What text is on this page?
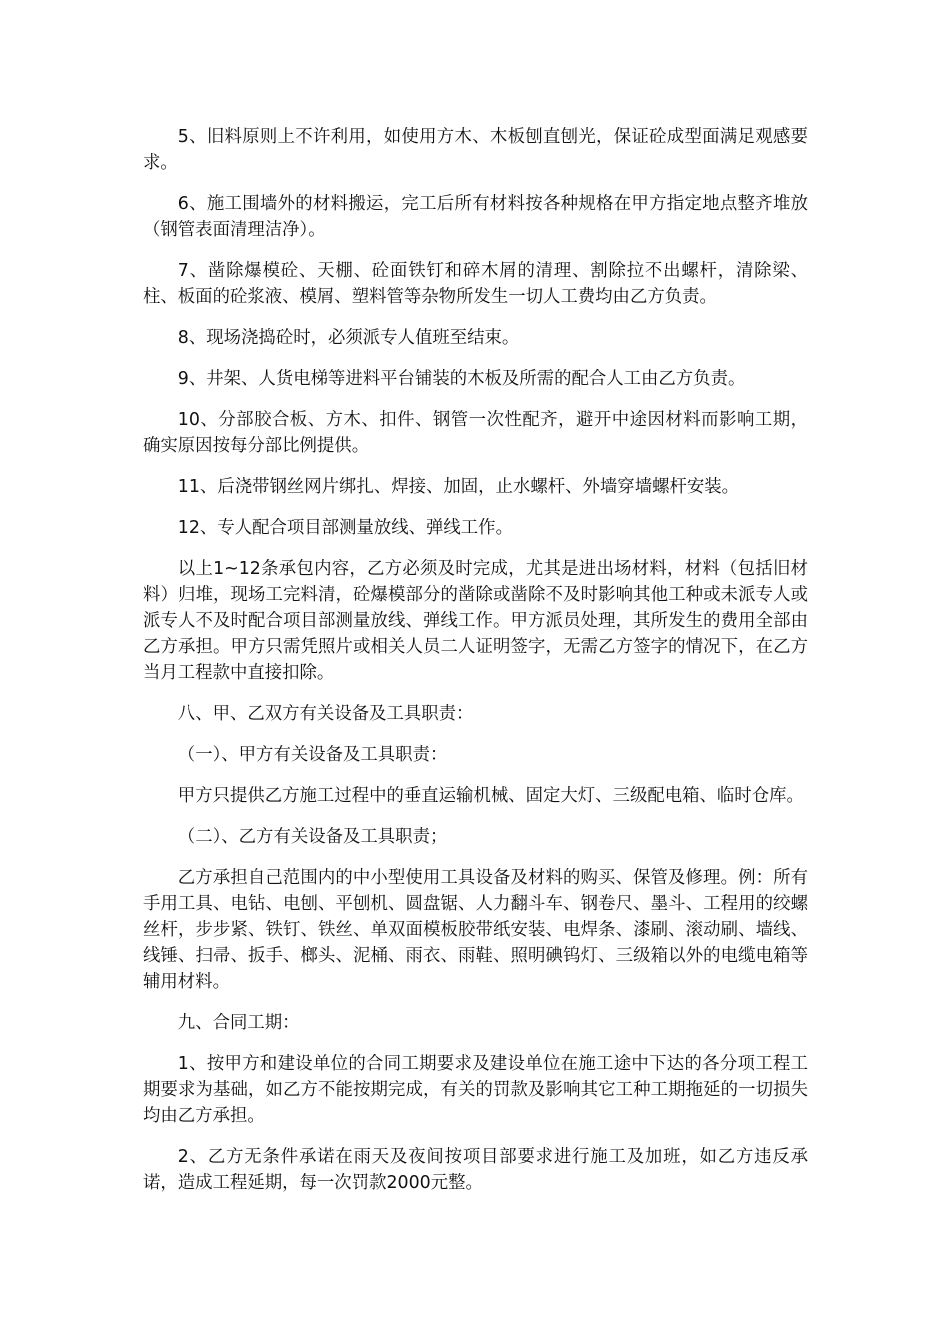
5、旧料原则上不许利用，如使用方木、木板刨直刨光，保证砼成型面满足观感要求。

6、施工围墙外的材料搬运，完工后所有材料按各种规格在甲方指定地点整齐堆放（钢管表面清理洁净）。

7、凿除爆模砼、天棚、砼面铁钉和碎木屑的清理、割除拉不出螺杆，清除梁、柱、板面的砼浆液、模屑、塑料管等杂物所发生一切人工费均由乙方负责。

8、现场浇捣砼时，必须派专人值班至结束。

9、井架、人货电梯等进料平台铺装的木板及所需的配合人工由乙方负责。

10、分部胶合板、方木、扣件、钢管一次性配齐，避开中途因材料而影响工期，确实原因按每分部比例提供。

11、后浇带钢丝网片绑扎、焊接、加固，止水螺杆、外墙穿墙螺杆安装。

12、专人配合项目部测量放线、弹线工作。

以上1~12条承包内容，乙方必须及时完成，尤其是进出场材料，材料（包括旧材料）归堆，现场工完料清，砼爆模部分的凿除或凿除不及时影响其他工种或未派专人或派专人不及时配合项目部测量放线、弹线工作。甲方派员处理，其所发生的费用全部由乙方承担。甲方只需凭照片或相关人员二人证明签字，无需乙方签字的情况下，在乙方当月工程款中直接扣除。

八、甲、乙双方有关设备及工具职责：

（一）、甲方有关设备及工具职责：

甲方只提供乙方施工过程中的垂直运输机械、固定大灯、三级配电箱、临时仓库。

（二）、乙方有关设备及工具职责；

乙方承担自己范围内的中小型使用工具设备及材料的购买、保管及修理。例：所有手用工具、电钻、电刨、平刨机、圆盘锯、人力翻斗车、钢卷尺、墨斗、工程用的绞螺丝杆，步步紧、铁钉、铁丝、单双面模板胶带纸安装、电焊条、漆刷、滚动刷、墙线、线锤、扫帚、扳手、榔头、泥桶、雨衣、雨鞋、照明碘钨灯、三级箱以外的电缆电箱等辅用材料。

九、合同工期：

1、按甲方和建设单位的合同工期要求及建设单位在施工途中下达的各分项工程工期要求为基础，如乙方不能按期完成，有关的罚款及影响其它工种工期拖延的一切损失均由乙方承担。

2、乙方无条件承诺在雨天及夜间按项目部要求进行施工及加班，如乙方违反承诺，造成工程延期，每一次罚款2000元整。
